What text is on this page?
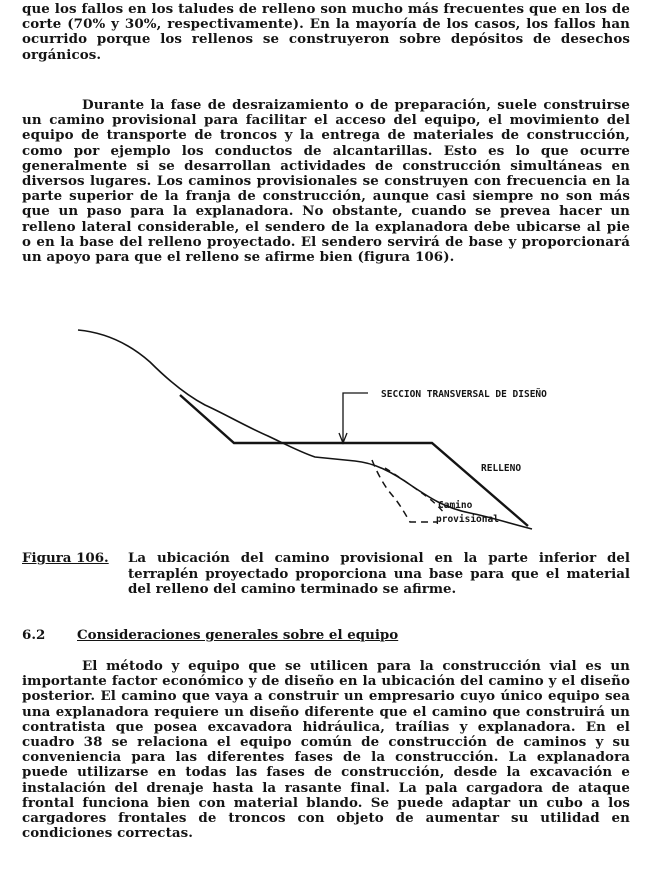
que los fallos en los taludes de relleno son mucho más frecuentes que en los de corte (70% y 30%, respectivamente). En la mayoría de los casos, los fallos han ocurrido porque los rellenos se construyeron sobre depósitos de desechos orgánicos.

Durante la fase de desraizamiento o de preparación, suele construirse un camino provisional para facilitar el acceso del equipo, el movimiento del equipo de transporte de troncos y la entrega de materiales de construcción, como por ejemplo los conductos de alcantarillas. Esto es lo que ocurre generalmente si se desarrollan actividades de construcción simultáneas en diversos lugares. Los caminos provisionales se construyen con frecuencia en la parte superior de la franja de construcción, aunque casi siempre no son más que un paso para la explanadora. No obstante, cuando se prevea hacer un relleno lateral considerable, el sendero de la explanadora debe ubicarse al pie o en la base del relleno proyectado. El sendero servirá de base y proporcionará un apoyo para que el relleno se afirme bien (figura 106).

SECCION TRANSVERSAL DE DISEÑO
RELLENO
Camino
provisional
Figura 106. La ubicación del camino provisional en la parte inferior del terraplén proyectado proporciona una base para que el material del relleno del camino terminado se afirme.
6.2 Consideraciones generales sobre el equipo

El método y equipo que se utilicen para la construcción vial es un importante factor económico y de diseño en la ubicación del camino y el diseño posterior. El camino que vaya a construir un empresario cuyo único equipo sea una explanadora requiere un diseño diferente que el camino que construirá un contratista que posea excavadora hidráulica, traílias y explanadora. En el cuadro 38 se relaciona el equipo común de construcción de caminos y su conveniencia para las diferentes fases de la construcción. La explanadora puede utilizarse en todas las fases de construcción, desde la excavación e instalación del drenaje hasta la rasante final. La pala cargadora de ataque frontal funciona bien con material blando. Se puede adaptar un cubo a los cargadores frontales de troncos con objeto de aumentar su utilidad en condiciones correctas.
